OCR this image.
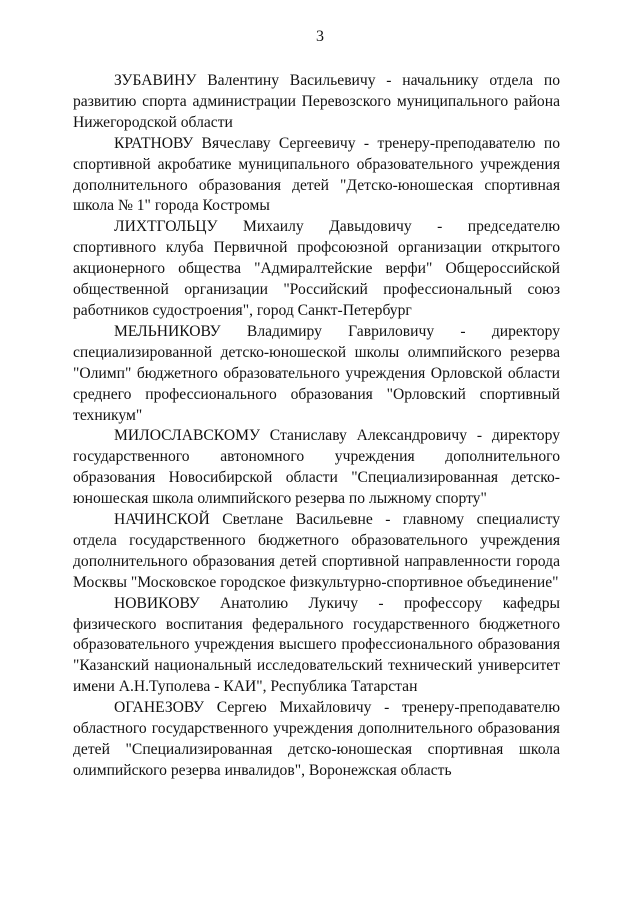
3

ЗУБАВИНУ Валентину Васильевичу - начальнику отдела по развитию спорта администрации Перевозского муниципального района Нижегородской области

КРАТНОВУ Вячеславу Сергеевичу - тренеру-преподавателю по спортивной акробатике муниципального образовательного учреждения дополнительного образования детей "Детско-юношеская спортивная школа № 1" города Костромы

ЛИХТГОЛЬЦУ Михаилу Давыдовичу - председателю спортивного клуба Первичной профсоюзной организации открытого акционерного общества "Адмиралтейские верфи" Общероссийской общественной организации "Российский профессиональный союз работников судостроения", город Санкт-Петербург

МЕЛЬНИКОВУ Владимиру Гавриловичу - директору специализированной детско-юношеской школы олимпийского резерва "Олимп" бюджетного образовательного учреждения Орловской области среднего профессионального образования "Орловский спортивный техникум"

МИЛОСЛАВСКОМУ Станиславу Александровичу - директору государственного автономного учреждения дополнительного образования Новосибирской области "Специализированная детско-юношеская школа олимпийского резерва по лыжному спорту"

НАЧИНСКОЙ Светлане Васильевне - главному специалисту отдела государственного бюджетного образовательного учреждения дополнительного образования детей спортивной направленности города Москвы "Московское городское физкультурно-спортивное объединение"

НОВИКОВУ Анатолию Лукичу - профессору кафедры физического воспитания федерального государственного бюджетного образовательного учреждения высшего профессионального образования "Казанский национальный исследовательский технический университет имени А.Н.Туполева - КАИ", Республика Татарстан

ОГАНЕЗОВУ Сергею Михайловичу - тренеру-преподавателю областного государственного учреждения дополнительного образования детей "Специализированная детско-юношеская спортивная школа олимпийского резерва инвалидов", Воронежская область
